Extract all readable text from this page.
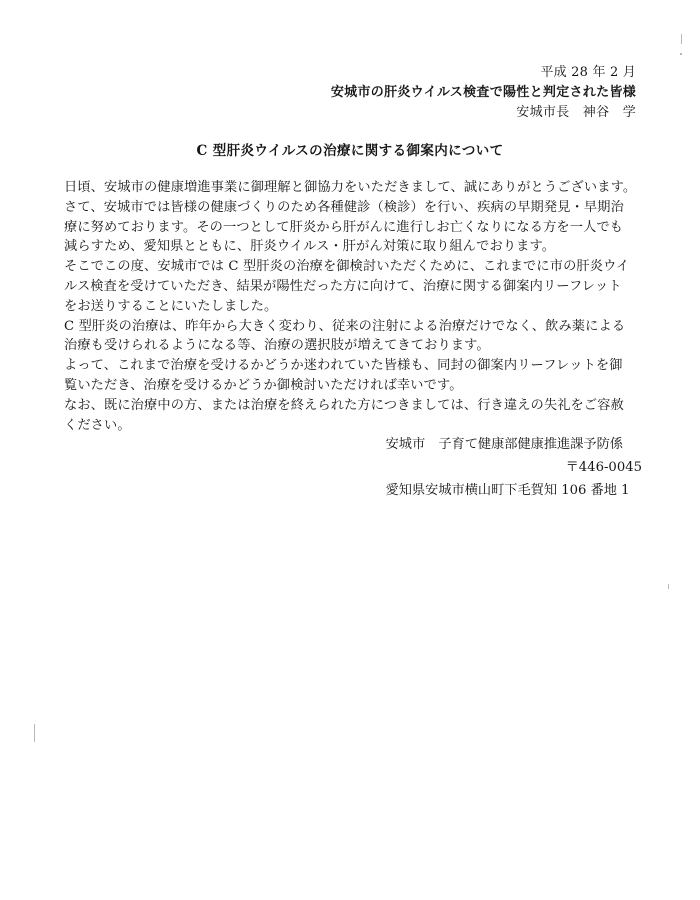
平成 28 年 2 月
安城市の肝炎ウイルス検査で陽性と判定された皆様
安城市長　神谷　学
C 型肝炎ウイルスの治療に関する御案内について
日頃、安城市の健康増進事業に御理解と御協力をいただきまして、誠にありがとうございます。
さて、安城市では皆様の健康づくりのため各種健診（検診）を行い、疾病の早期発見・早期治
療に努めております。その一つとして肝炎から肝がんに進行しお亡くなりになる方を一人でも
減らすため、愛知県とともに、肝炎ウイルス・肝がん対策に取り組んでおります。
そこでこの度、安城市では C 型肝炎の治療を御検討いただくために、これまでに市の肝炎ウイ
ルス検査を受けていただき、結果が陽性だった方に向けて、治療に関する御案内リーフレット
をお送りすることにいたしました。
C 型肝炎の治療は、昨年から大きく変わり、従来の注射による治療だけでなく、飲み薬による
治療も受けられるようになる等、治療の選択肢が増えてきております。
よって、これまで治療を受けるかどうか迷われていた皆様も、同封の御案内リーフレットを御
覧いただき、治療を受けるかどうか御検討いただければ幸いです。
なお、既に治療中の方、または治療を終えられた方につきましては、行き違えの失礼をご容赦
ください。
安城市　子育て健康部健康推進課予防係
〒446-0045
愛知県安城市横山町下毛賀知 106 番地 1
